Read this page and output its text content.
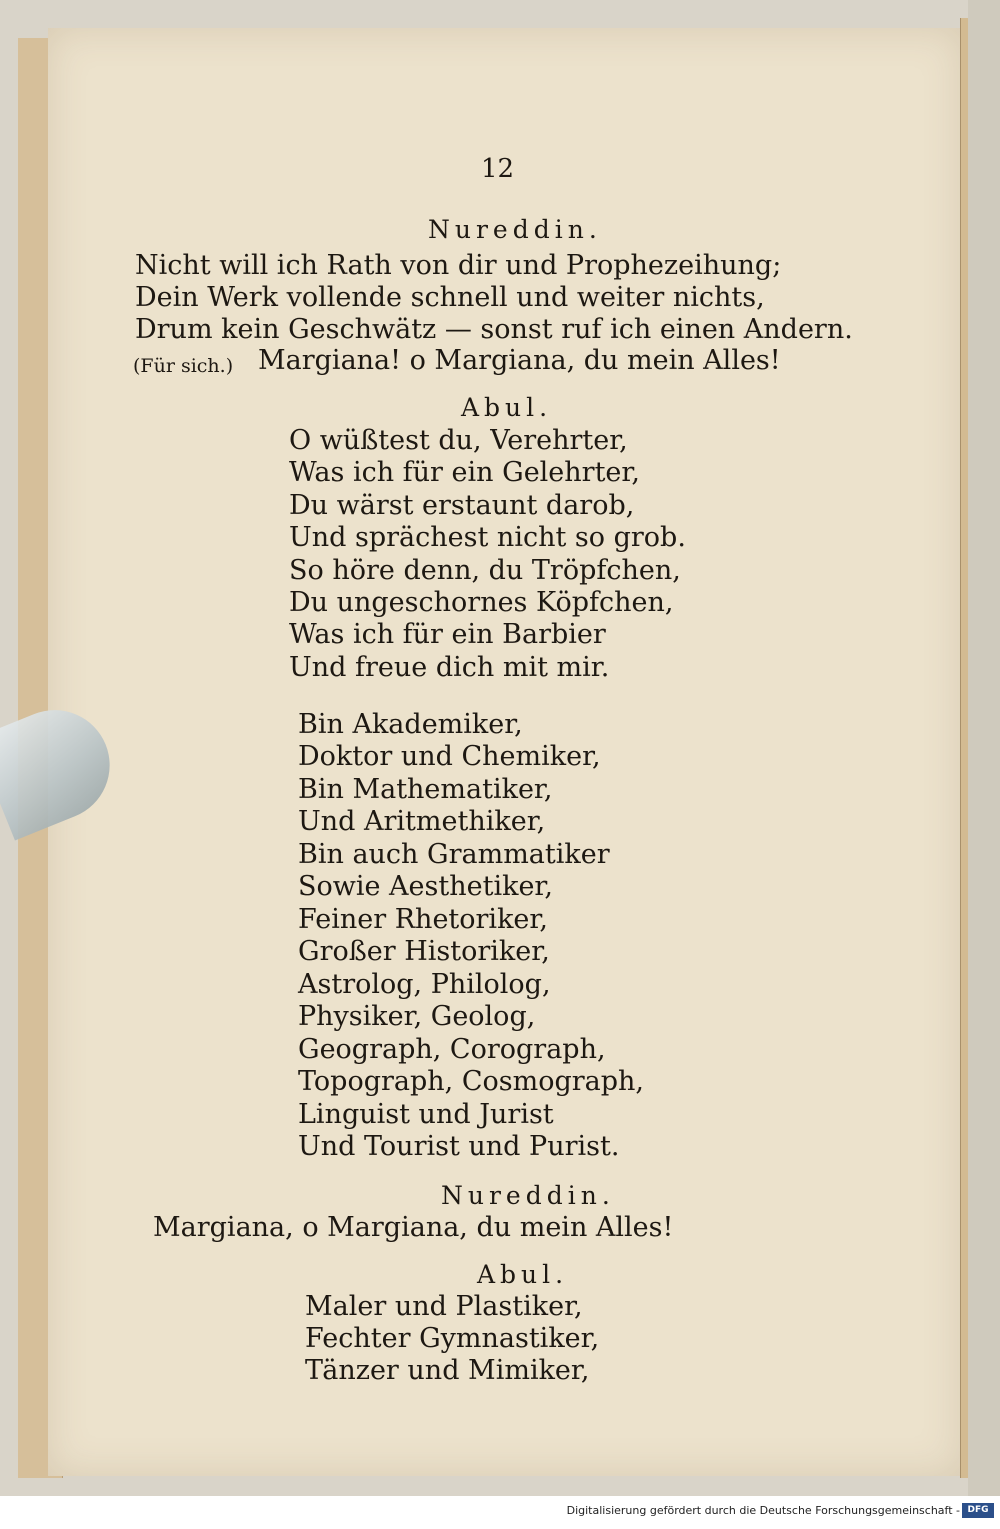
12
Nureddin.
Nicht will ich Rath von dir und Prophezeihung;
Dein Werk vollende schnell und weiter nichts,
Drum kein Geschwätz — sonst ruf ich einen Andern.
(Für sich.) Margiana! o Margiana, du mein Alles!
Abul.
O wüßtest du, Verehrter,
Was ich für ein Gelehrter,
Du wärst erstaunt darob,
Und sprächest nicht so grob.
So höre denn, du Tröpfchen,
Du ungeschornes Köpfchen,
Was ich für ein Barbier
Und freue dich mit mir.
Bin Akademiker,
Doktor und Chemiker,
Bin Mathematiker,
Und Aritmethiker,
Bin auch Grammatiker
Sowie Aesthetiker,
Feiner Rhetoriker,
Großer Historiker,
Astrolog, Philolog,
Physiker, Geolog,
Geograph, Corograph,
Topograph, Cosmograph,
Linguist und Jurist
Und Tourist und Purist.
Nureddin.
Margiana, o Margiana, du mein Alles!
Abul.
Maler und Plastiker,
Fechter Gymnastiker,
Tänzer und Mimiker,
Digitalisierung gefördert durch die Deutsche Forschungsgemeinschaft - DFG
